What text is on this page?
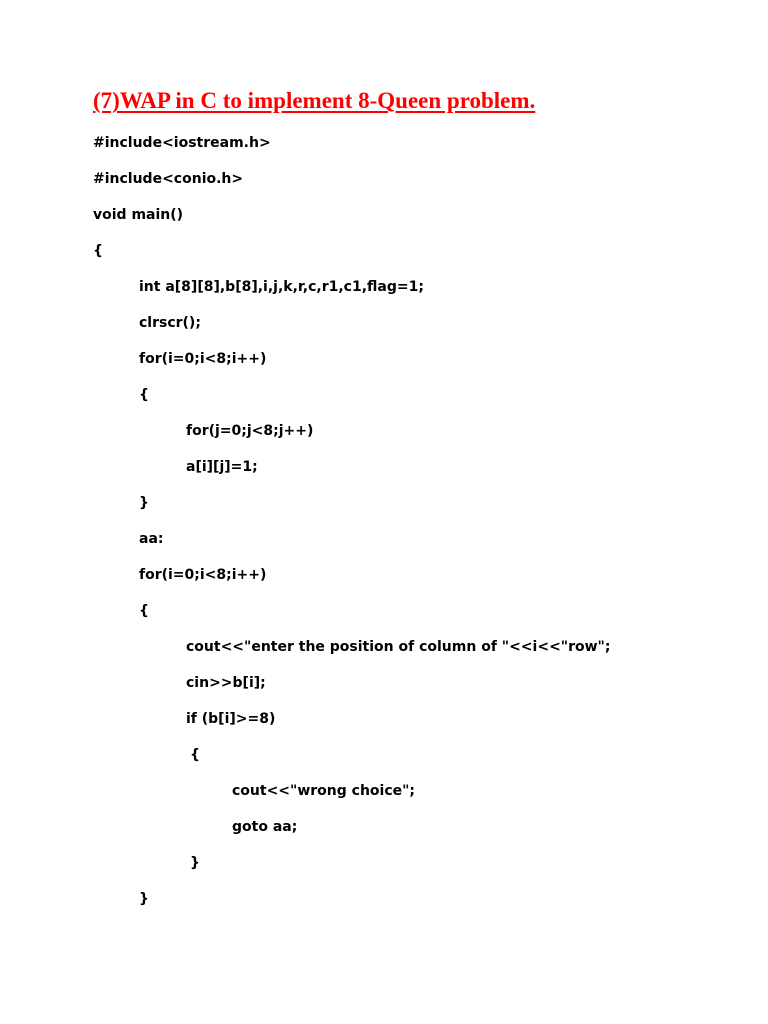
(7)WAP in C to implement 8-Queen problem.

#include<iostream.h>

#include<conio.h>

void main()

{

int a[8][8],b[8],i,j,k,r,c,r1,c1,flag=1;

clrscr();

for(i=0;i<8;i++)

{

for(j=0;j<8;j++)

a[i][j]=1;

}

aa:

for(i=0;i<8;i++)

{

cout<<"enter the position of column of "<<i<<"row";

cin>>b[i];

if (b[i]>=8)

{

cout<<"wrong choice";

goto aa;

}

}
